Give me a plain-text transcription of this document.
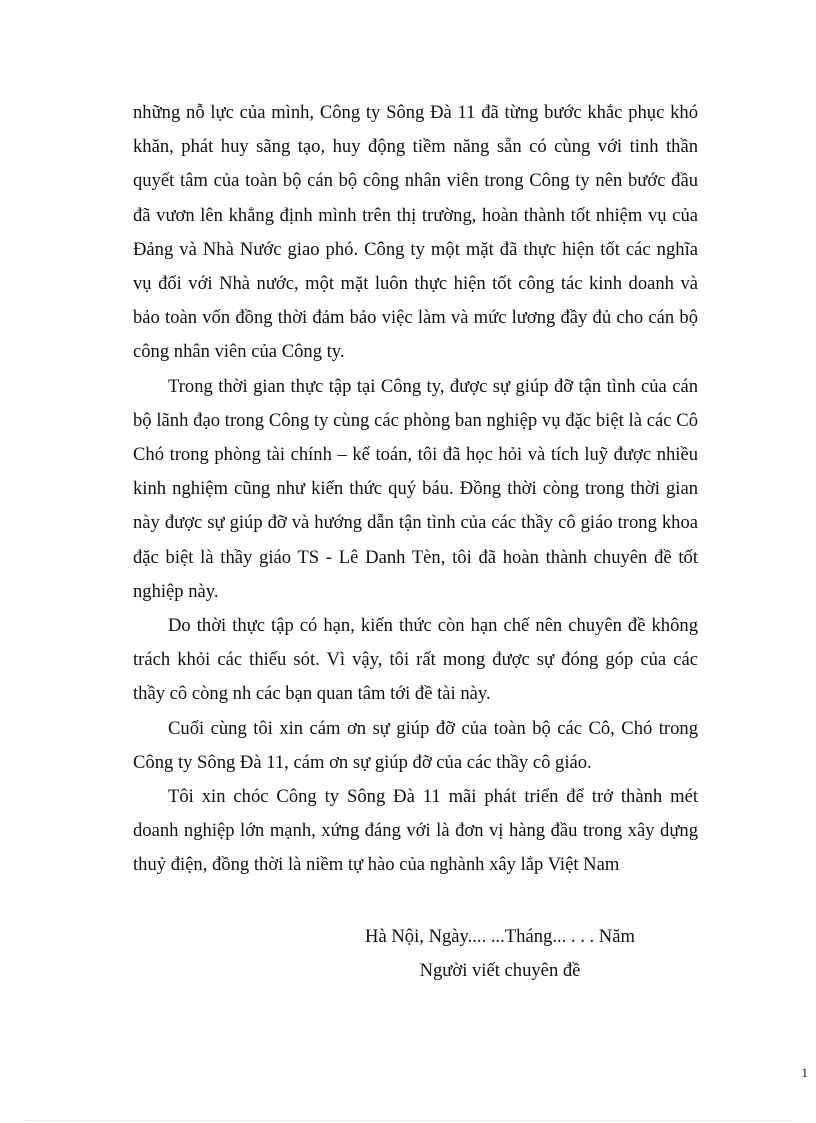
những nỗ lực của mình, Công ty Sông Đà 11 đã từng bước khắc phục khó khăn, phát huy sãng tạo, huy động tiềm năng sẵn có cùng với tinh thần quyết tâm của toàn bộ cán bộ công nhân viên trong Công ty nên bước đầu đã vươn lên khẳng định mình trên thị trường, hoàn thành tốt nhiệm vụ của Đảng và Nhà Nước giao phó. Công ty một mặt đã thực hiện tốt các nghĩa vụ đối với Nhà nước, một mặt luôn thực hiện tốt công tác kinh doanh và bảo toàn vốn đồng thời đảm bảo việc làm và mức lương đầy đủ cho cán bộ công nhân viên của Công ty.

Trong thời gian thực tập tại Công ty, được sự giúp đỡ tận tình của cán bộ lãnh đạo trong Công ty cùng các phòng ban nghiệp vụ đặc biệt là các Cô Chó trong phòng tài chính – kế toán, tôi đã học hỏi và tích luỹ được nhiều kinh nghiệm cũng như kiến thức quý báu. Đồng thời còng trong thời gian này được sự giúp đỡ và hướng dẫn tận tình của các thầy cô giáo trong khoa đặc biệt là thầy giáo TS - Lê Danh Tèn, tôi đã hoàn thành chuyên đề tốt nghiệp này.

Do thời thực tập có hạn, kiến thức còn hạn chế nên chuyên đề không trách khỏi các thiếu sót. Vì vậy, tôi rất mong được sự đóng góp của các thầy cô còng nh các bạn quan tâm tới đề tài này.

Cuối cùng tôi xin cám ơn sự giúp đỡ của toàn bộ các Cô, Chó trong Công ty Sông Đà 11, cám ơn sự giúp đỡ của các thầy cô giáo.

Tôi xin chóc Công ty Sông Đà 11 mãi phát triển để trở thành mét doanh nghiệp lớn mạnh, xứng đáng với là đơn vị hàng đầu trong xây dựng thuỷ điện, đồng thời là niềm tự hào của nghành xây lắp Việt Nam

Hà Nội, Ngày.... ...Tháng... . . . Năm
Người viết chuyên đề
1
